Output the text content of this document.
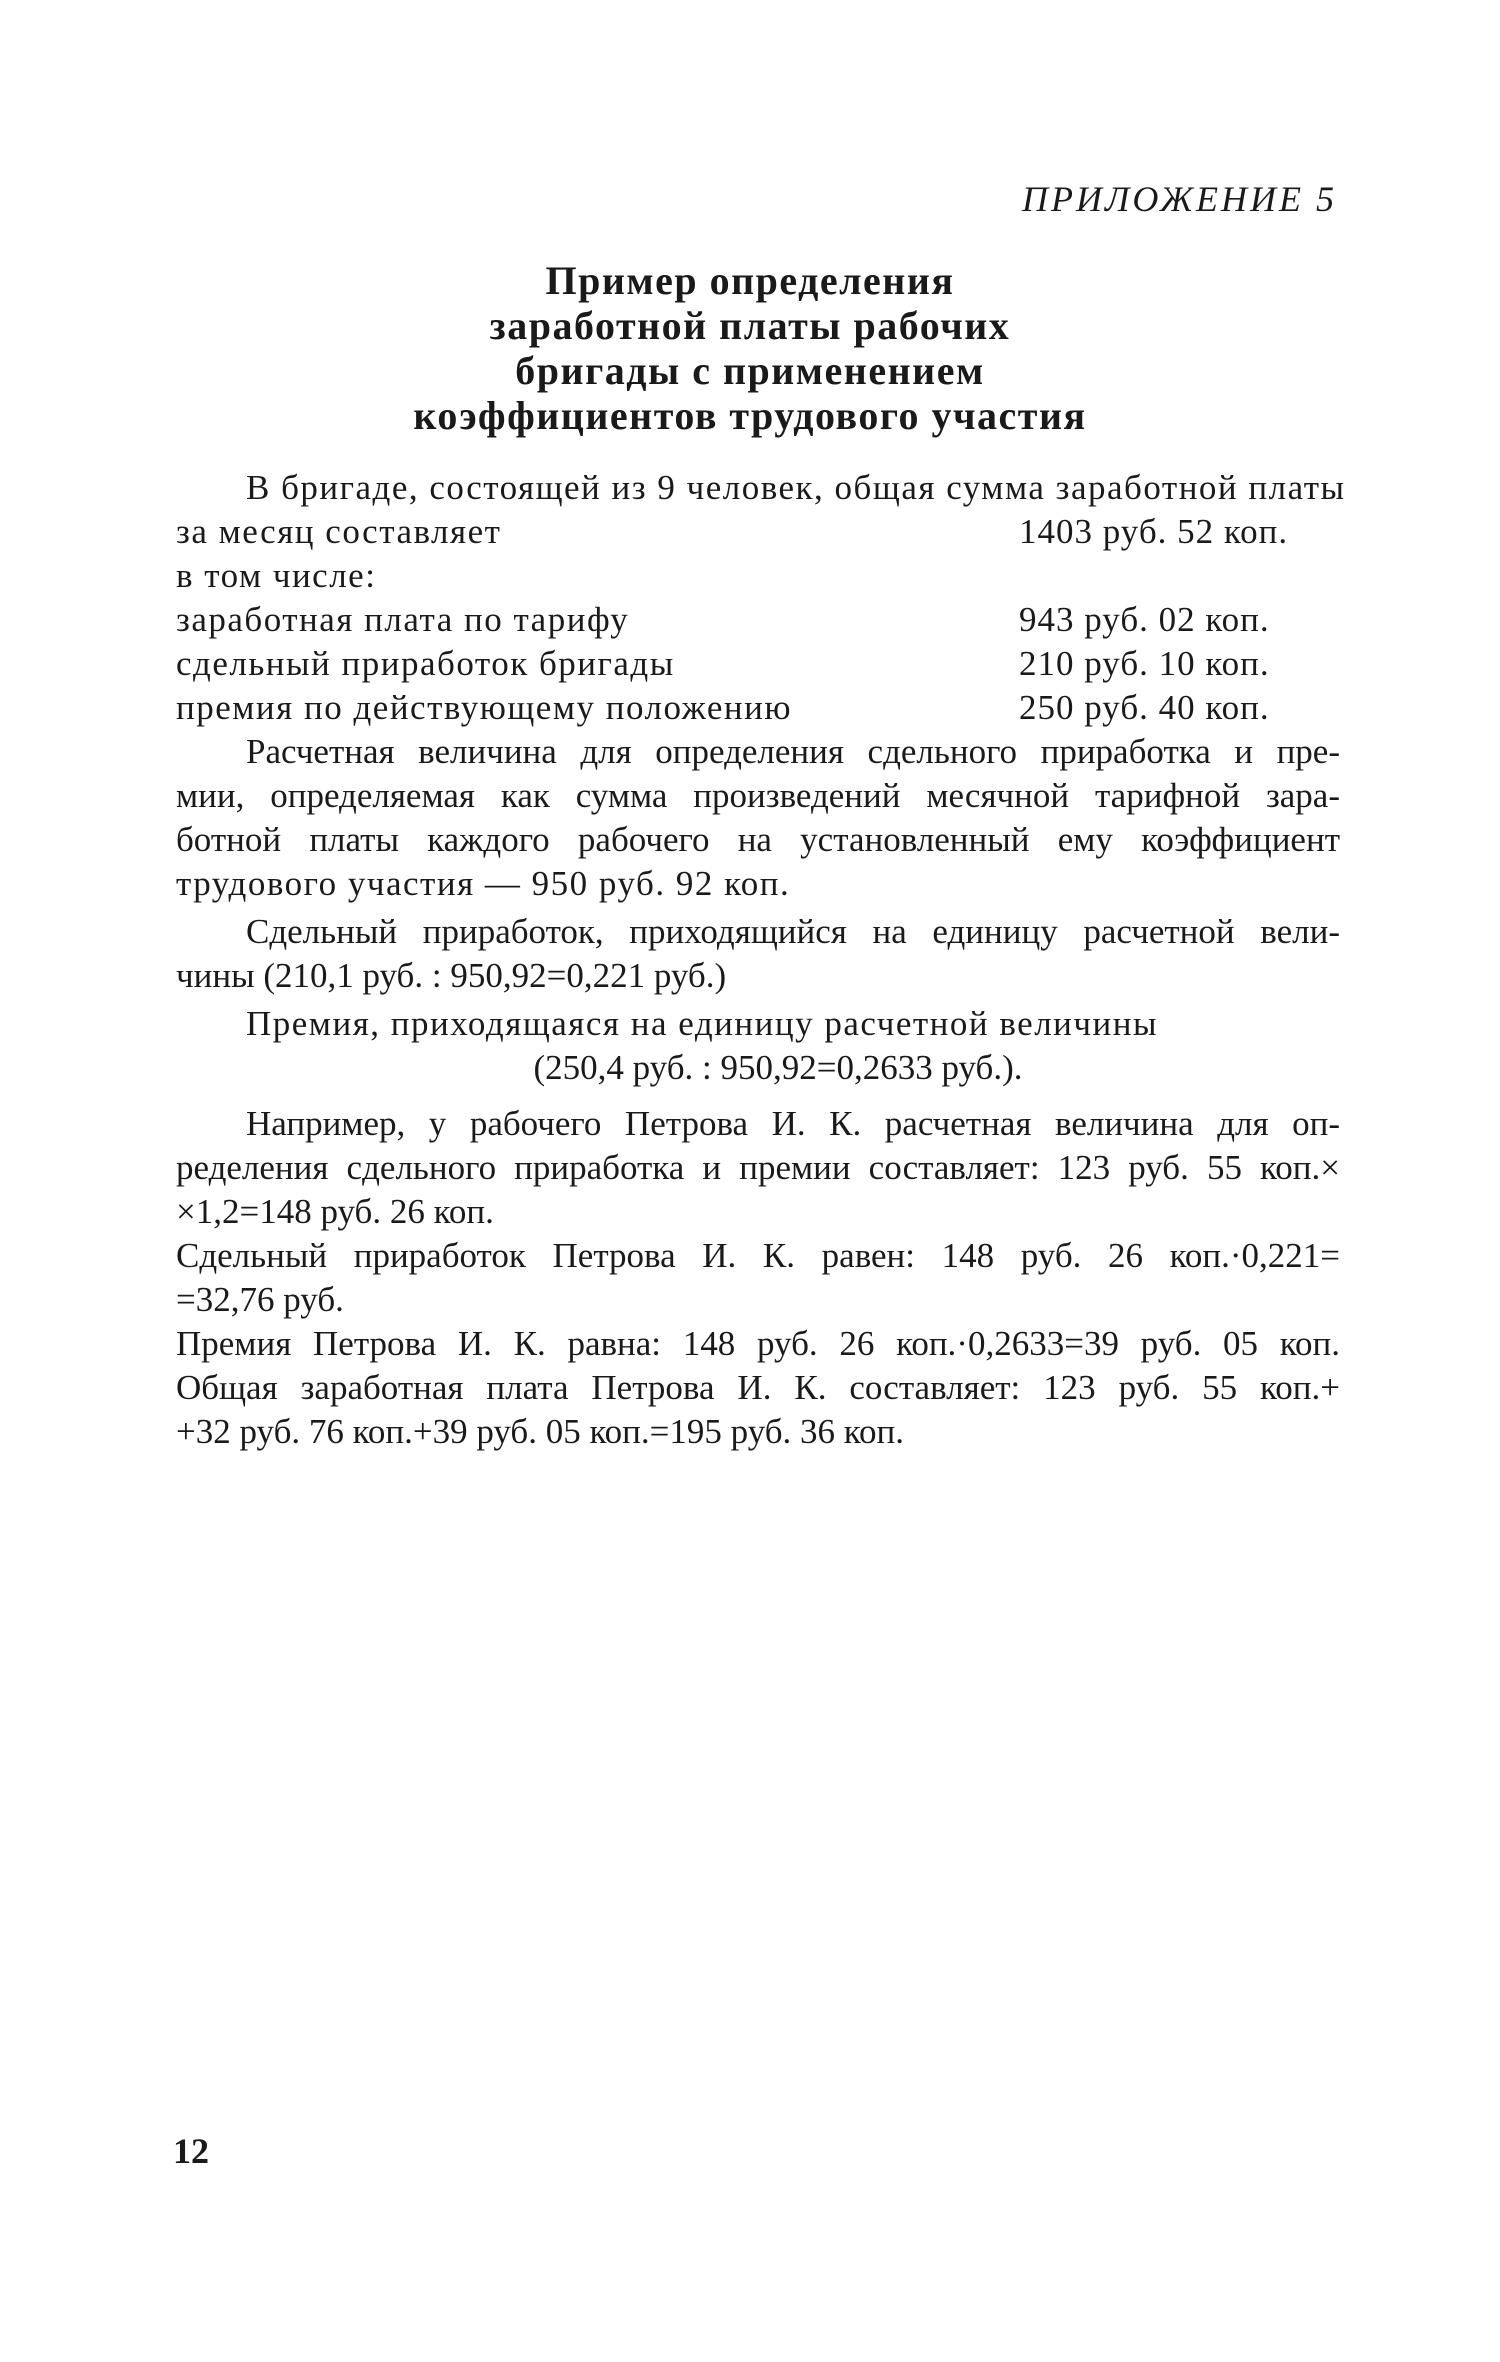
ПРИЛОЖЕНИЕ 5
Пример определения
заработной платы рабочих
бригады с применением
коэффициентов трудового участия
В бригаде, состоящей из 9 человек, общая сумма заработной платы
за месяц составляет	1403 руб. 52 коп.
в том числе:
заработная плата по тарифу	943 руб. 02 коп.
сдельный приработок бригады	210 руб. 10 коп.
премия по действующему положению	250 руб. 40 коп.
Расчетная величина для определения сдельного приработка и пре-
мии, определяемая как сумма произведений месячной тарифной зара-
ботной платы каждого рабочего на установленный ему коэффициент
трудового участия — 950 руб. 92 коп.
Сдельный приработок, приходящийся на единицу расчетной вели-
чины (210,1 руб. : 950,92=0,221 руб.)
Премия, приходящаяся на единицу расчетной величины
(250,4 руб. : 950,92=0,2633 руб.).
Например, у рабочего Петрова И. К. расчетная величина для оп-
ределения сдельного приработка и премии составляет: 123 руб. 55 коп.×
×1,2=148 руб. 26 коп.
Сдельный приработок Петрова И. К. равен: 148 руб. 26 коп.·0,221=
=32,76 руб.
Премия Петрова И. К. равна: 148 руб. 26 коп.·0,2633=39 руб. 05 коп.
Общая заработная плата Петрова И. К. составляет: 123 руб. 55 коп.+
+32 руб. 76 коп.+39 руб. 05 коп.=195 руб. 36 коп.
12
